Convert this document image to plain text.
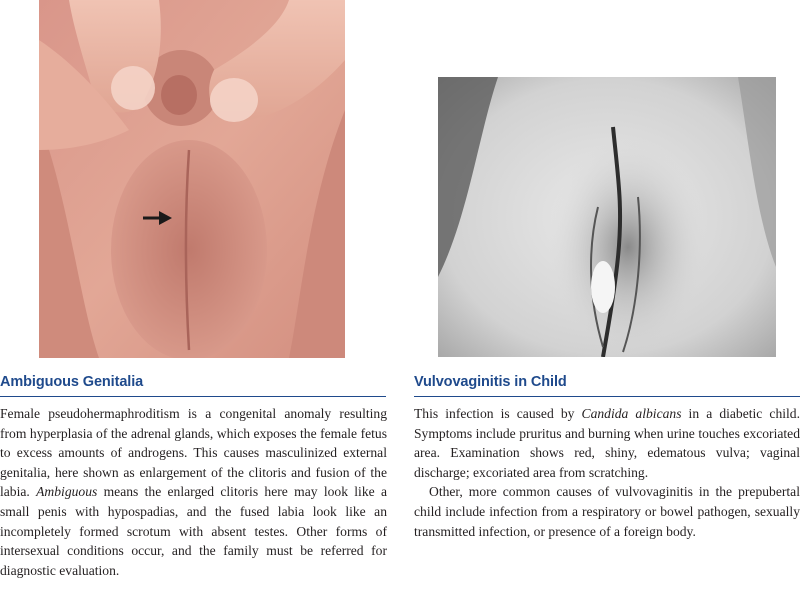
Ambiguous Genitalia

Female pseudohermaphroditism is a congenital anomaly resulting from hyperplasia of the adrenal glands, which exposes the female fetus to excess amounts of androgens. This causes masculinized external genitalia, here shown as enlargement of the clitoris and fusion of the labia. Ambiguous means the enlarged clitoris here may look like a small penis with hypospadias, and the fused labia look like an incompletely formed scrotum with absent testes. Other forms of intersexual conditions occur, and the family must be referred for diagnostic evaluation.

Vulvovaginitis in Child

This infection is caused by Candida albicans in a diabetic child. Symptoms include pruritus and burning when urine touches excoriated area. Examination shows red, shiny, edematous vulva; vaginal discharge; excoriated area from scratching.

Other, more common causes of vulvovaginitis in the prepubertal child include infection from a respiratory or bowel pathogen, sexually transmitted infection, or presence of a foreign body.
